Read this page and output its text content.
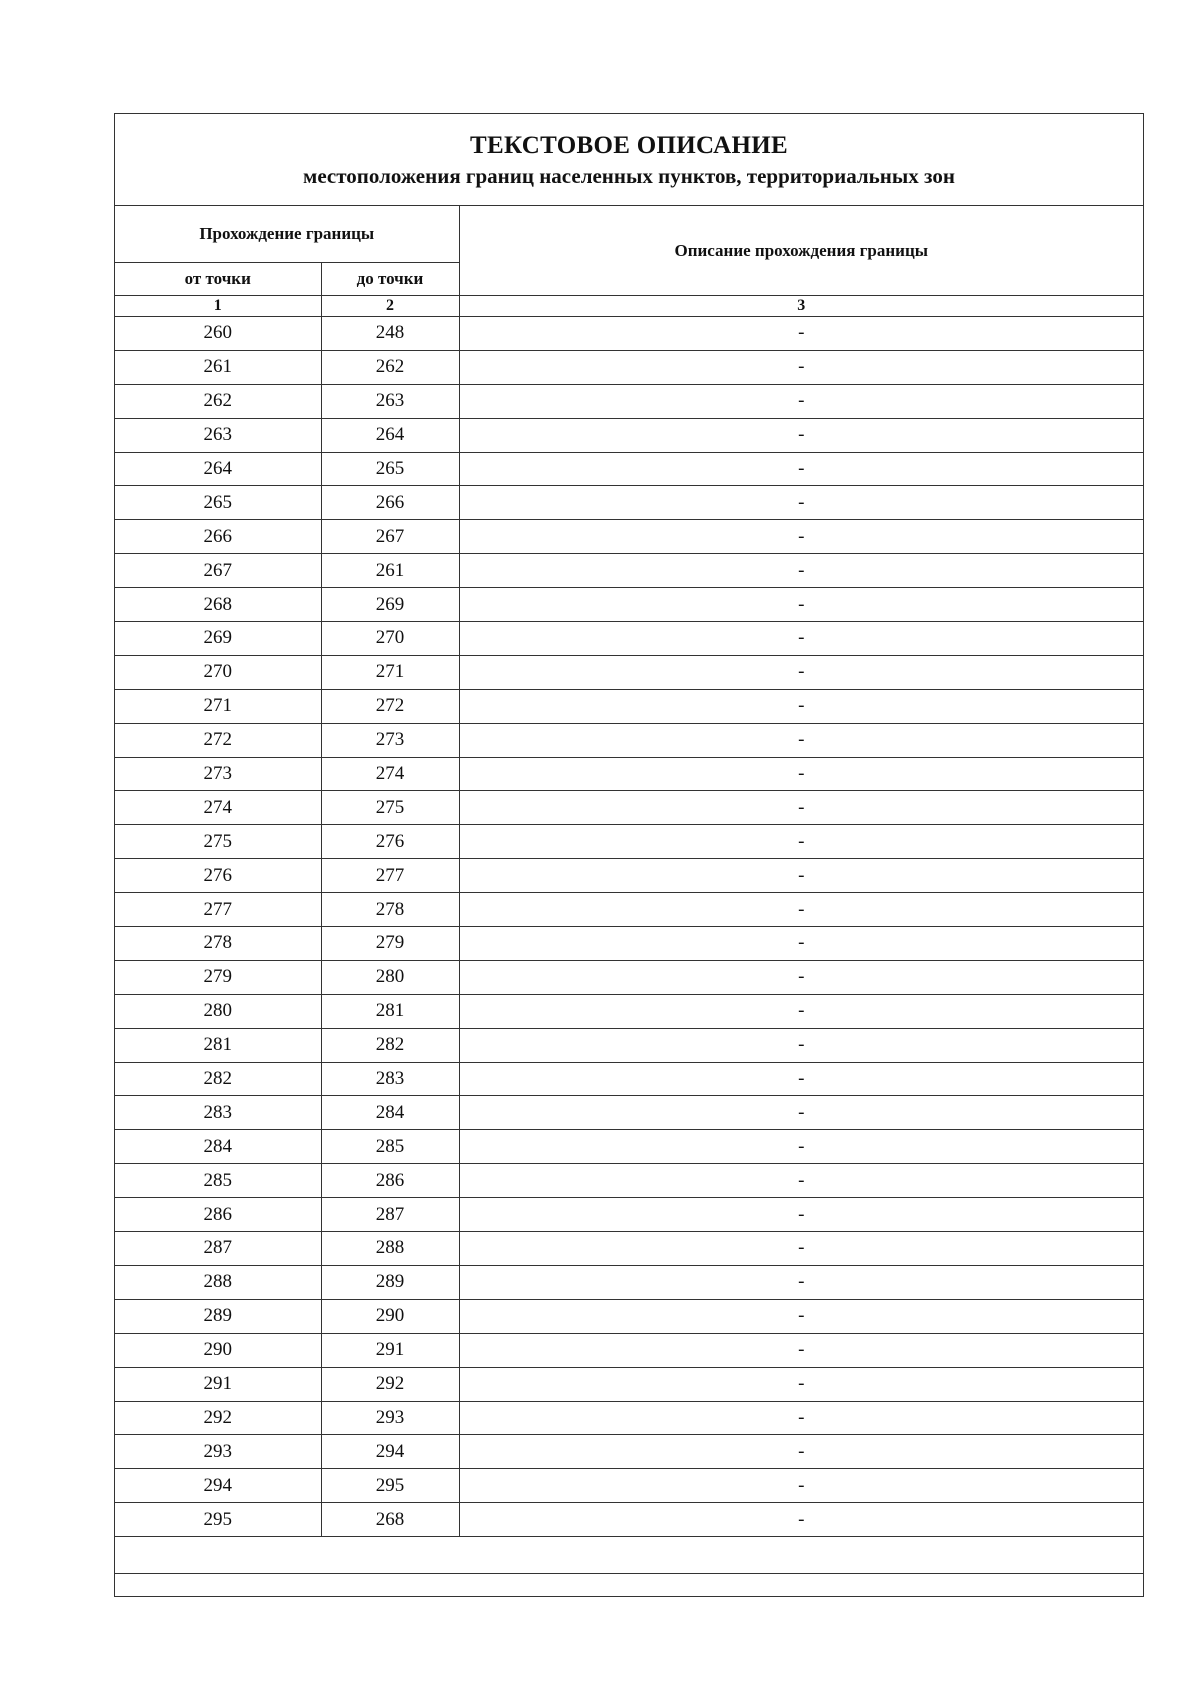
ТЕКСТОВОЕ ОПИСАНИЕ
местоположения границ населенных пунктов, территориальных зон
Прохождение границы		Описание прохождения границы
от точки	до точки	
1	2	3
260	248	-
261	262	-
262	263	-
263	264	-
264	265	-
265	266	-
266	267	-
267	261	-
268	269	-
269	270	-
270	271	-
271	272	-
272	273	-
273	274	-
274	275	-
275	276	-
276	277	-
277	278	-
278	279	-
279	280	-
280	281	-
281	282	-
282	283	-
283	284	-
284	285	-
285	286	-
286	287	-
287	288	-
288	289	-
289	290	-
290	291	-
291	292	-
292	293	-
293	294	-
294	295	-
295	268	-
